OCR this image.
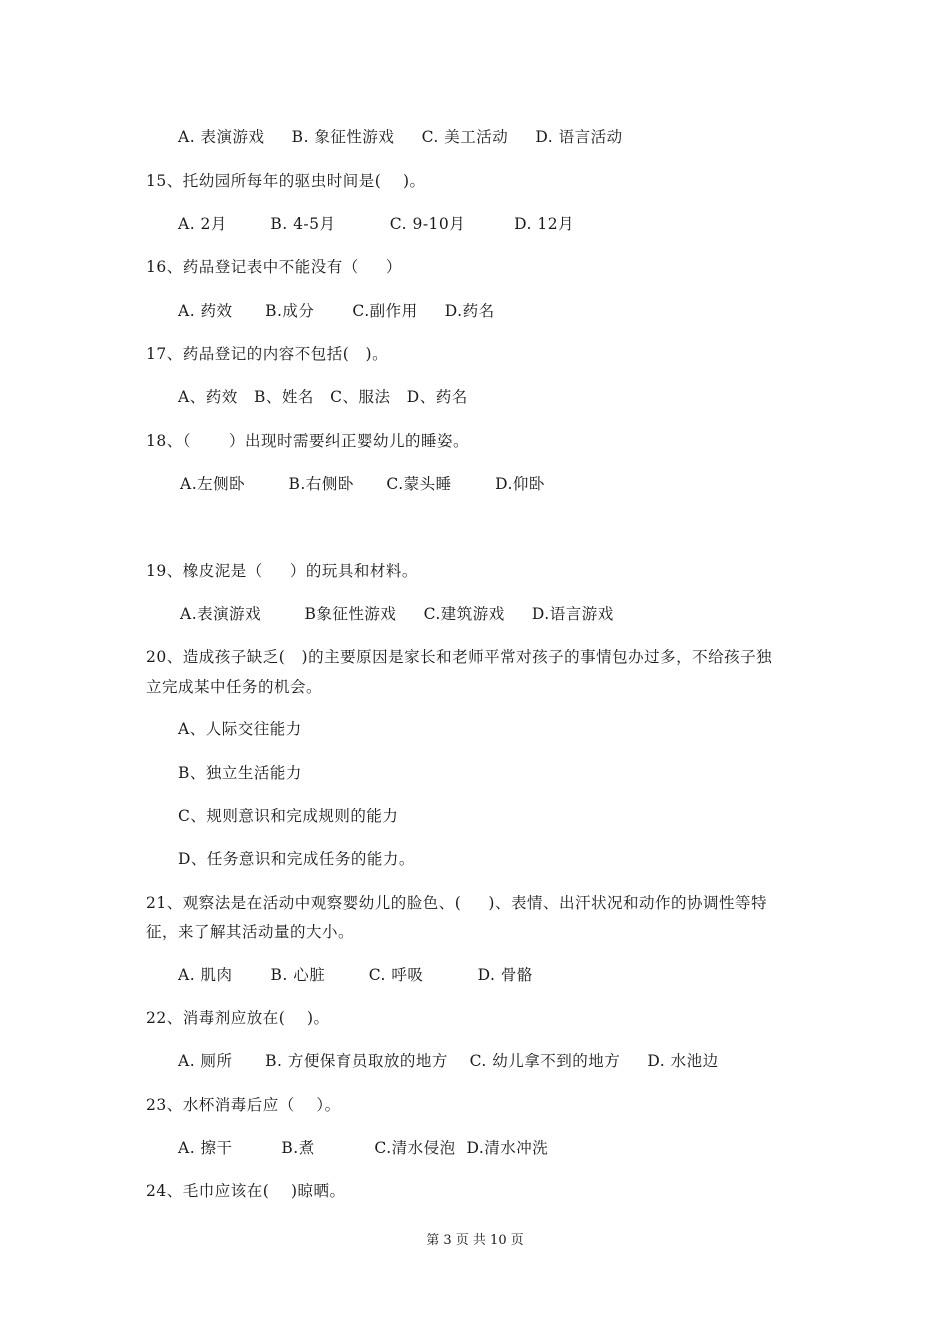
A. 表演游戏     B. 象征性游戏     C. 美工活动     D. 语言活动
15、托幼园所每年的驱虫时间是(    )。
A. 2月        B. 4-5月          C. 9-10月         D. 12月
16、药品登记表中不能没有（     ）
A. 药效      B.成分       C.副作用     D.药名
17、药品登记的内容不包括(   )。
A、药效   B、姓名   C、服法   D、药名
18、（       ）出现时需要纠正婴幼儿的睡姿。
A.左侧卧        B.右侧卧      C.蒙头睡        D.仰卧
19、橡皮泥是（     ）的玩具和材料。
A.表演游戏        B象征性游戏     C.建筑游戏     D.语言游戏
20、造成孩子缺乏(   )的主要原因是家长和老师平常对孩子的事情包办过多，不给孩子独
立完成某中任务的机会。
A、人际交往能力
B、独立生活能力
C、规则意识和完成规则的能力
D、任务意识和完成任务的能力。
21、观察法是在活动中观察婴幼儿的脸色、(     )、表情、出汗状况和动作的协调性等特
征，来了解其活动量的大小。
A. 肌肉       B. 心脏        C. 呼吸          D. 骨骼
22、消毒剂应放在(    )。
A. 厕所      B. 方便保育员取放的地方    C. 幼儿拿不到的地方     D. 水池边
23、水杯消毒后应（    ）。
A. 擦干         B.煮           C.清水侵泡  D.清水冲洗
24、毛巾应该在(    )晾晒。
第 3 页 共 10 页
